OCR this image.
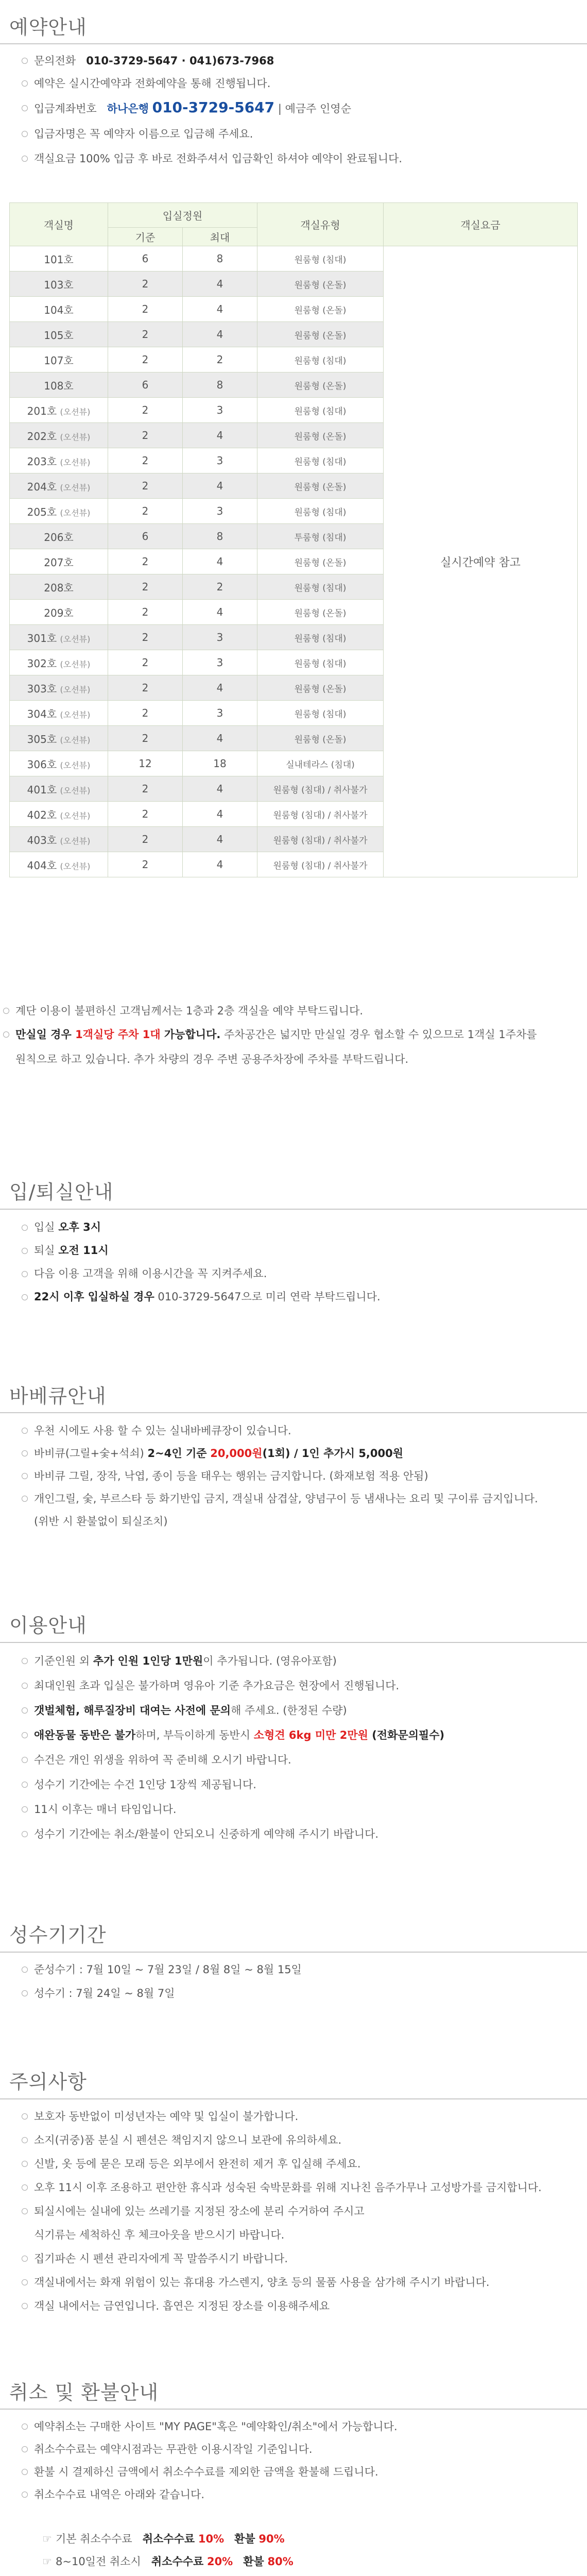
예약안내
문의전화 010-3729-5647 · 041)673-7968
예약은 실시간예약과 전화예약을 통해 진행됩니다.
입금계좌번호 하나은행 010-3729-5647 | 예금주 인영순
입금자명은 꼭 예약자 이름으로 입금해 주세요.
객실요금 100% 입금 후 바로 전화주셔서 입금확인 하셔야 예약이 완료됩니다.
객실명	입실정원		객실유형	객실요금
	기준	최대		
101호	6	8	원룸형 (침대)	실시간예약 참고
103호	2	4	원룸형 (온돌)	
104호	2	4	원룸형 (온돌)	
105호	2	4	원룸형 (온돌)	
107호	2	2	원룸형 (침대)	
108호	6	8	원룸형 (온돌)	
201호 (오션뷰)	2	3	원룸형 (침대)	
202호 (오션뷰)	2	4	원룸형 (온돌)	
203호 (오션뷰)	2	3	원룸형 (침대)	
204호 (오션뷰)	2	4	원룸형 (온돌)	
205호 (오션뷰)	2	3	원룸형 (침대)	
206호	6	8	투룸형 (침대)	
207호	2	4	원룸형 (온돌)	
208호	2	2	원룸형 (침대)	
209호	2	4	원룸형 (온돌)	
301호 (오션뷰)	2	3	원룸형 (침대)	
302호 (오션뷰)	2	3	원룸형 (침대)	
303호 (오션뷰)	2	4	원룸형 (온돌)	
304호 (오션뷰)	2	3	원룸형 (침대)	
305호 (오션뷰)	2	4	원룸형 (온돌)	
306호 (오션뷰)	12	18	실내테라스 (침대)	
401호 (오션뷰)	2	4	원룸형 (침대) / 취사불가	
402호 (오션뷰)	2	4	원룸형 (침대) / 취사불가	
403호 (오션뷰)	2	4	원룸형 (침대) / 취사불가	
404호 (오션뷰)	2	4	원룸형 (침대) / 취사불가	
계단 이용이 불편하신 고객님께서는 1층과 2층 객실을 예약 부탁드립니다.
만실일 경우 1객실당 주차 1대 가능합니다. 주차공간은 넓지만 만실일 경우 협소할 수 있으므로 1객실 1주차를
원칙으로 하고 있습니다. 추가 차량의 경우 주변 공용주차장에 주차를 부탁드립니다.
입/퇴실안내
입실 오후 3시
퇴실 오전 11시
다음 이용 고객을 위해 이용시간을 꼭 지켜주세요.
22시 이후 입실하실 경우 010-3729-5647으로 미리 연락 부탁드립니다.
바베큐안내
우천 시에도 사용 할 수 있는 실내바베큐장이 있습니다.
바비큐(그릴+숯+석쇠) 2~4인 기준 20,000원(1회) / 1인 추가시 5,000원
바비큐 그릴, 장작, 낙엽, 종이 등을 태우는 행위는 금지합니다. (화재보험 적용 안됨)
개인그릴, 숯, 부르스타 등 화기반입 금지, 객실내 삼겹살, 양념구이 등 냄새나는 요리 및 구이류 금지입니다.
(위반 시 환불없이 퇴실조치)
이용안내
기준인원 외 추가 인원 1인당 1만원이 추가됩니다. (영유아포함)
최대인원 초과 입실은 불가하며 영유아 기준 추가요금은 현장에서 진행됩니다.
갯벌체험, 해루질장비 대여는 사전에 문의해 주세요. (한정된 수량)
애완동물 동반은 불가하며, 부득이하게 동반시 소형견 6kg 미만 2만원 (전화문의필수)
수건은 개인 위생을 위하여 꼭 준비해 오시기 바랍니다.
성수기 기간에는 수건 1인당 1장씩 제공됩니다.
11시 이후는 매너 타임입니다.
성수기 기간에는 취소/환불이 안되오니 신중하게 예약해 주시기 바랍니다.
성수기기간
준성수기 : 7월 10일 ~ 7월 23일 / 8월 8일 ~ 8월 15일
성수기 : 7월 24일 ~ 8월 7일
주의사항
보호자 동반없이 미성년자는 예약 및 입실이 불가합니다.
소지(귀중)품 분실 시 펜션은 책임지지 않으니 보관에 유의하세요.
신발, 옷 등에 묻은 모래 등은 외부에서 완전히 제거 후 입실해 주세요.
오후 11시 이후 조용하고 편안한 휴식과 성숙된 숙박문화를 위해 지나친 음주가무나 고성방가를 금지합니다.
퇴실시에는 실내에 있는 쓰레기를 지정된 장소에 분리 수거하여 주시고
식기류는 세척하신 후 체크아웃을 받으시기 바랍니다.
집기파손 시 펜션 관리자에게 꼭 말씀주시기 바랍니다.
객실내에서는 화재 위험이 있는 휴대용 가스렌지, 양초 등의 물품 사용을 삼가해 주시기 바랍니다.
객실 내에서는 금연입니다. 흡연은 지정된 장소를 이용해주세요
취소 및 환불안내
예약취소는 구매한 사이트 "MY PAGE"혹은 "예약확인/취소"에서 가능합니다.
취소수수료는 예약시점과는 무관한 이용시작일 기준입니다.
환불 시 결제하신 금액에서 취소수수료를 제외한 금액을 환불해 드립니다.
취소수수료 내역은 아래와 같습니다.
☞ 기본 취소수수료 취소수수료 10% 환불 90%
☞ 8~10일전 취소시 취소수수료 20% 환불 80%
